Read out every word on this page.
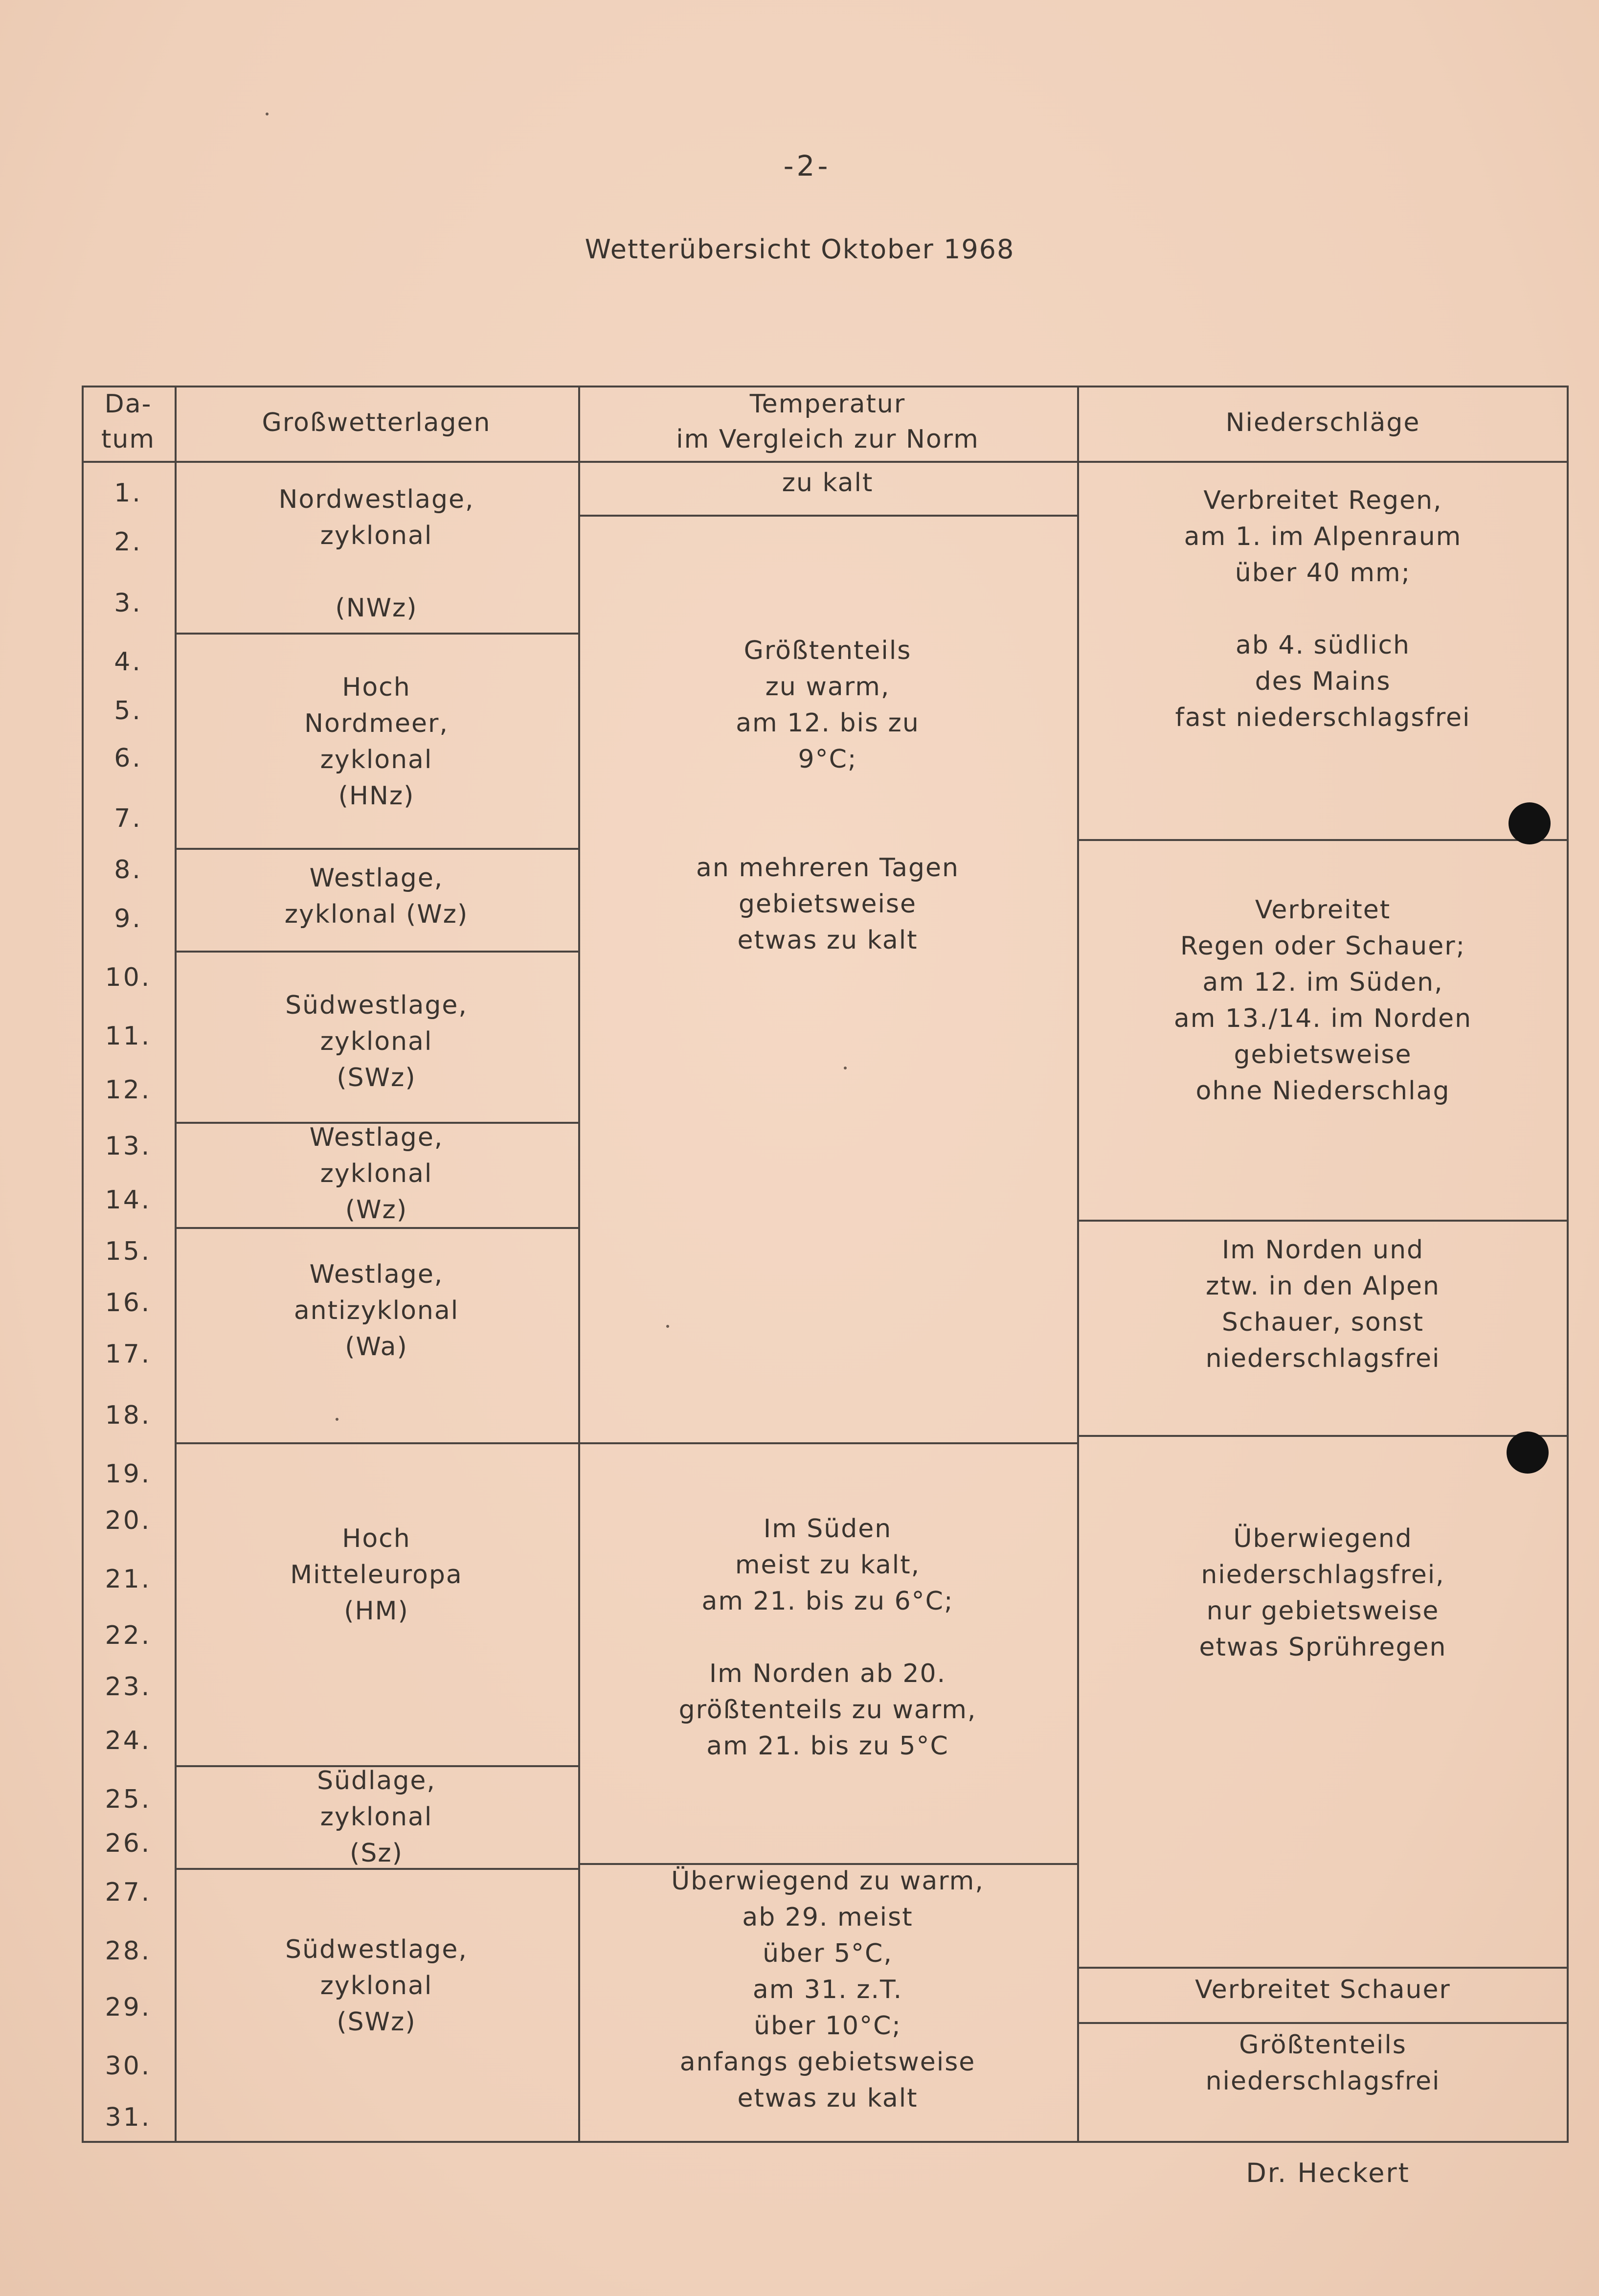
-2-
Wetterübersicht Oktober 1968
Da-
tum
Großwetterlagen
Temperatur
im Vergleich zur Norm
Niederschläge
1.
2.
3.
4.
5.
6.
7.
8.
9.
10.
11.
12.
13.
14.
15.
16.
17.
18.
19.
20.
21.
22.
23.
24.
25.
26.
27.
28.
29.
30.
31.
Nordwestlage,
zyklonal

(NWz)
Hoch
Nordmeer,
zyklonal
(HNz)
Westlage,
zyklonal (Wz)
Südwestlage,
zyklonal
(SWz)
Westlage,
zyklonal
(Wz)
Westlage,
antizyklonal
(Wa)
Hoch
Mitteleuropa
(HM)
Südlage,
zyklonal
(Sz)
Südwestlage,
zyklonal
(SWz)
zu kalt
Größtenteils
zu warm,
am 12. bis zu
9°C;

an mehreren Tagen
gebietsweise
etwas zu kalt
Im Süden
meist zu kalt,
am 21. bis zu 6°C;

Im Norden ab 20.
größtenteils zu warm,
am 21. bis zu 5°C
Überwiegend zu warm,
ab 29. meist
über 5°C,
am 31. z.T.
über 10°C;
anfangs gebietsweise
etwas zu kalt
Verbreitet Regen,
am 1. im Alpenraum
über 40 mm;

ab 4. südlich
des Mains
fast niederschlagsfrei
Verbreitet
Regen oder Schauer;
am 12. im Süden,
am 13./14. im Norden
gebietsweise
ohne Niederschlag
Im Norden und
ztw. in den Alpen
Schauer, sonst
niederschlagsfrei
Überwiegend
niederschlagsfrei,
nur gebietsweise
etwas Sprühregen
Verbreitet Schauer
Größtenteils
niederschlagsfrei
Dr. Heckert
